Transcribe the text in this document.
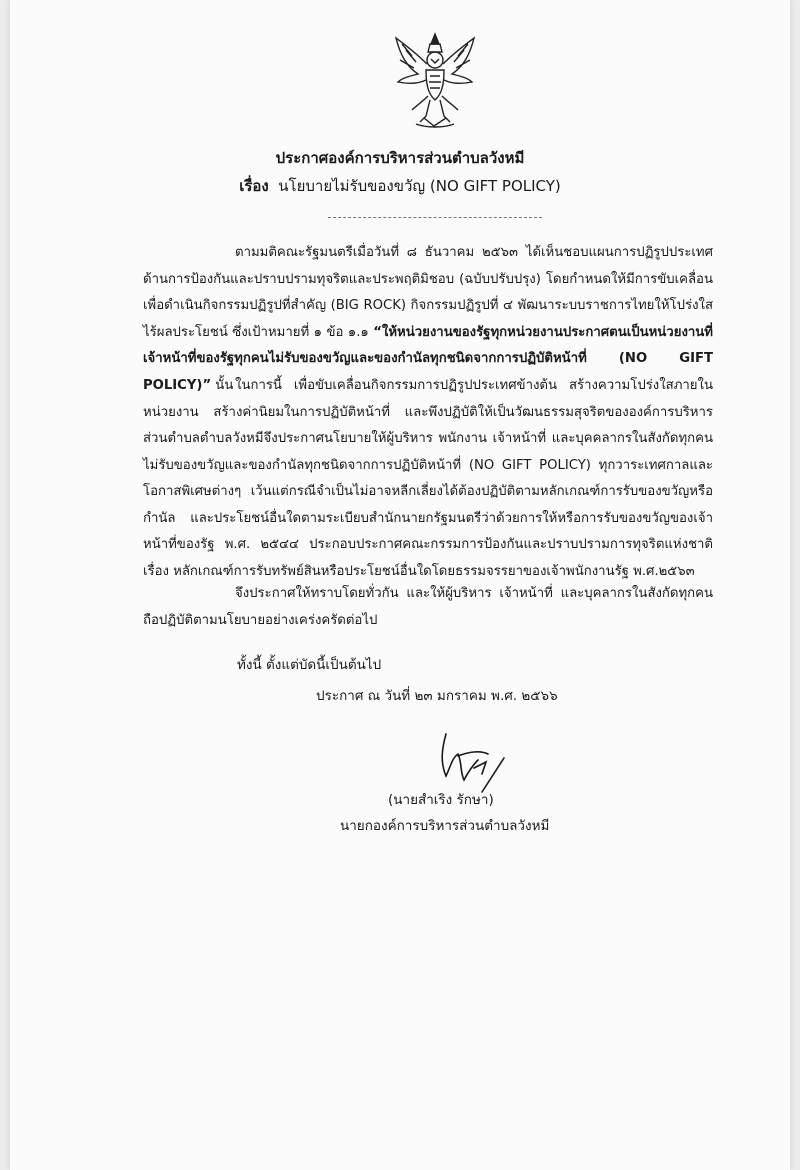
ประกาศองค์การบริหารส่วนตำบลวังหมี
เรื่อง นโยบายไม่รับของขวัญ (NO GIFT POLICY)
ตามมติคณะรัฐมนตรีเมื่อวันที่ ๘ ธันวาคม ๒๕๖๓ ได้เห็นชอบแผนการปฏิรูปประเทศด้านการป้องกันและปราบปรามทุจริตและประพฤติมิชอบ (ฉบับปรับปรุง) โดยกำหนดให้มีการขับเคลื่อนเพื่อดำเนินกิจกรรมปฏิรูปที่สำคัญ (BIG ROCK) กิจกรรมปฏิรูปที่ ๔ พัฒนาระบบราชการไทยให้โปร่งใสไร้ผลประโยชน์ ซึ่งเป้าหมายที่ ๑ ข้อ ๑.๑ “ให้หน่วยงานของรัฐทุกหน่วยงานประกาศตนเป็นหน่วยงานที่เจ้าหน้าที่ของรัฐทุกคนไม่รับของขวัญและของกำนัลทุกชนิดจากการปฏิบัติหน้าที่ (NO GIFT POLICY)” นั้น ในการนี้ เพื่อขับเคลื่อนกิจกรรมการปฏิรูปประเทศข้างต้น สร้างความโปร่งใสภายในหน่วยงาน สร้างค่านิยมในการปฏิบัติหน้าที่ และพึงปฏิบัติให้เป็นวัฒนธรรมสุจริตขององค์การบริหารส่วนตำบลตำบลวังหมีจึงประกาศนโยบายให้ผู้บริหาร พนักงาน เจ้าหน้าที่ และบุคคลากรในสังกัดทุกคนไม่รับของขวัญและของกำนัลทุกชนิดจากการปฏิบัติหน้าที่ (NO GIFT POLICY) ทุกวาระเทศกาลและโอกาสพิเศษต่างๆ เว้นแต่กรณีจำเป็นไม่อาจหลีกเลี่ยงได้ต้องปฏิบัติตามหลักเกณฑ์การรับของขวัญหรือกำนัล และประโยชน์อื่นใดตามระเบียบสำนักนายกรัฐมนตรีว่าด้วยการให้หรือการรับของขวัญของเจ้าหน้าที่ของรัฐ พ.ศ. ๒๕๔๔ ประกอบประกาศคณะกรรมการป้องกันและปราบปรามการทุจริตแห่งชาติ เรื่อง หลักเกณฑ์การรับทรัพย์สินหรือประโยชน์อื่นใดโดยธรรมจรรยาของเจ้าพนักงานรัฐ พ.ศ.๒๕๖๓
จึงประกาศให้ทราบโดยทั่วกัน และให้ผู้บริหาร เจ้าหน้าที่ และบุคลากรในสังกัดทุกคนถือปฏิบัติตามนโยบายอย่างเคร่งครัดต่อไป
ทั้งนี้ ตั้งแต่บัดนี้เป็นต้นไป
ประกาศ ณ วันที่ ๒๓ มกราคม พ.ศ. ๒๕๖๖
(นายสำเริง รักษา)
นายกองค์การบริหารส่วนตำบลวังหมี
